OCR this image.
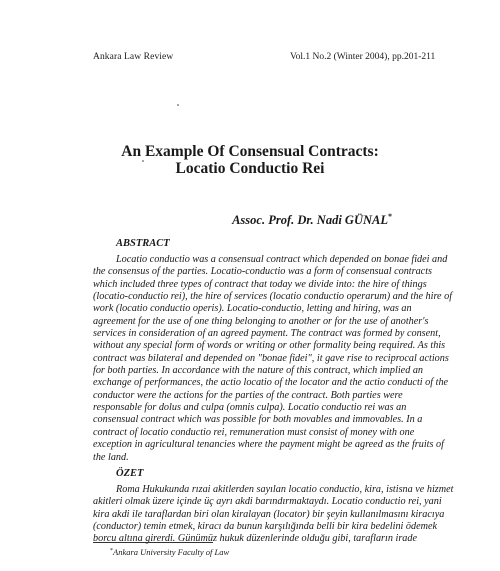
Ankara Law Review	Vol.1 No.2 (Winter 2004), pp.201-211
An Example Of Consensual Contracts:
Locatio Conductio Rei
Assoc. Prof. Dr. Nadi GÜNAL*
ABSTRACT
Locatio conductio was a consensual contract which depended on bonae fidei and
the consensus of the parties. Locatio-conductio was a form of consensual contracts
which included three types of contract that today we divide into: the hire of things
(locatio-conductio rei), the hire of services (locatio conductio operarum) and the hire of
work (locatio conductio operis). Locatio-conductio, letting and hiring, was an
agreement for the use of one thing belonging to another or for the use of another's
services in consideration of an agreed payment. The contract was formed by consent,
without any special form of words or writing or other formality being required. As this
contract was bilateral and depended on "bonae fidei", it gave rise to reciprocal actions
for both parties. In accordance with the nature of this contract, which implied an
exchange of performances, the actio locatio of the locator and the actio conducti of the
conductor were the actions for the parties of the contract. Both parties were
responsable for dolus and culpa (omnis culpa). Locatio conductio rei was an
consensual contract which was possible for both movables and immovables. In a
contract of locatio conductio rei, remuneration must consist of money with one
exception in agricultural tenancies where the payment might be agreed as the fruits of
the land.
ÖZET
Roma Hukukunda rızai akitlerden sayılan locatio conductio, kira, istisna ve hizmet
akitleri olmak üzere içinde üç ayrı akdi barındırmaktaydı. Locatio conductio rei, yani
kira akdi ile taraflardan biri olan kiralayan (locator) bir şeyin kullanılmasını kiracıya
(conductor) temin etmek, kiracı da bunun karşılığında belli bir kira bedelini ödemek
borcu altına girerdi. Günümüz hukuk düzenlerinde olduğu gibi, tarafların irade
*Ankara University Faculty of Law
